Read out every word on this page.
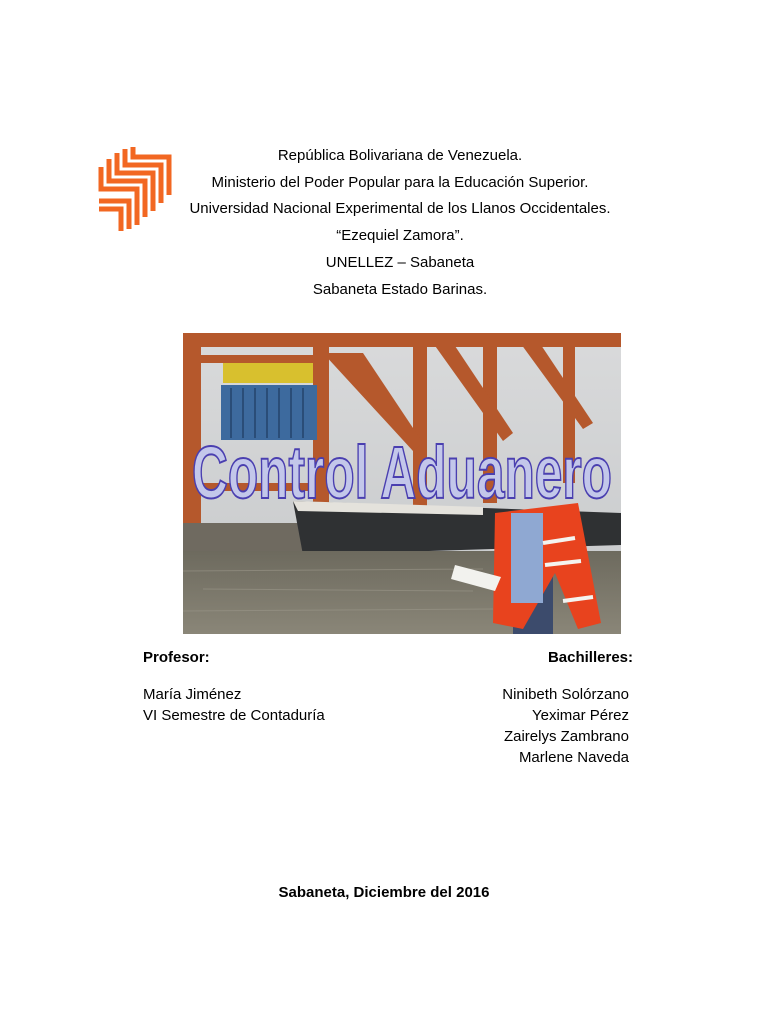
República Bolivariana de Venezuela.
Ministerio del Poder Popular para la Educación Superior.
Universidad Nacional Experimental de los Llanos Occidentales.
“Ezequiel Zamora”.
UNELLEZ – Sabaneta
Sabaneta Estado Barinas.
Control Aduanero
Profesor:
María Jiménez
VI Semestre de Contaduría
Bachilleres:
Ninibeth Solórzano
Yeximar Pérez
Zairelys Zambrano
Marlene Naveda
Sabaneta, Diciembre del 2016
